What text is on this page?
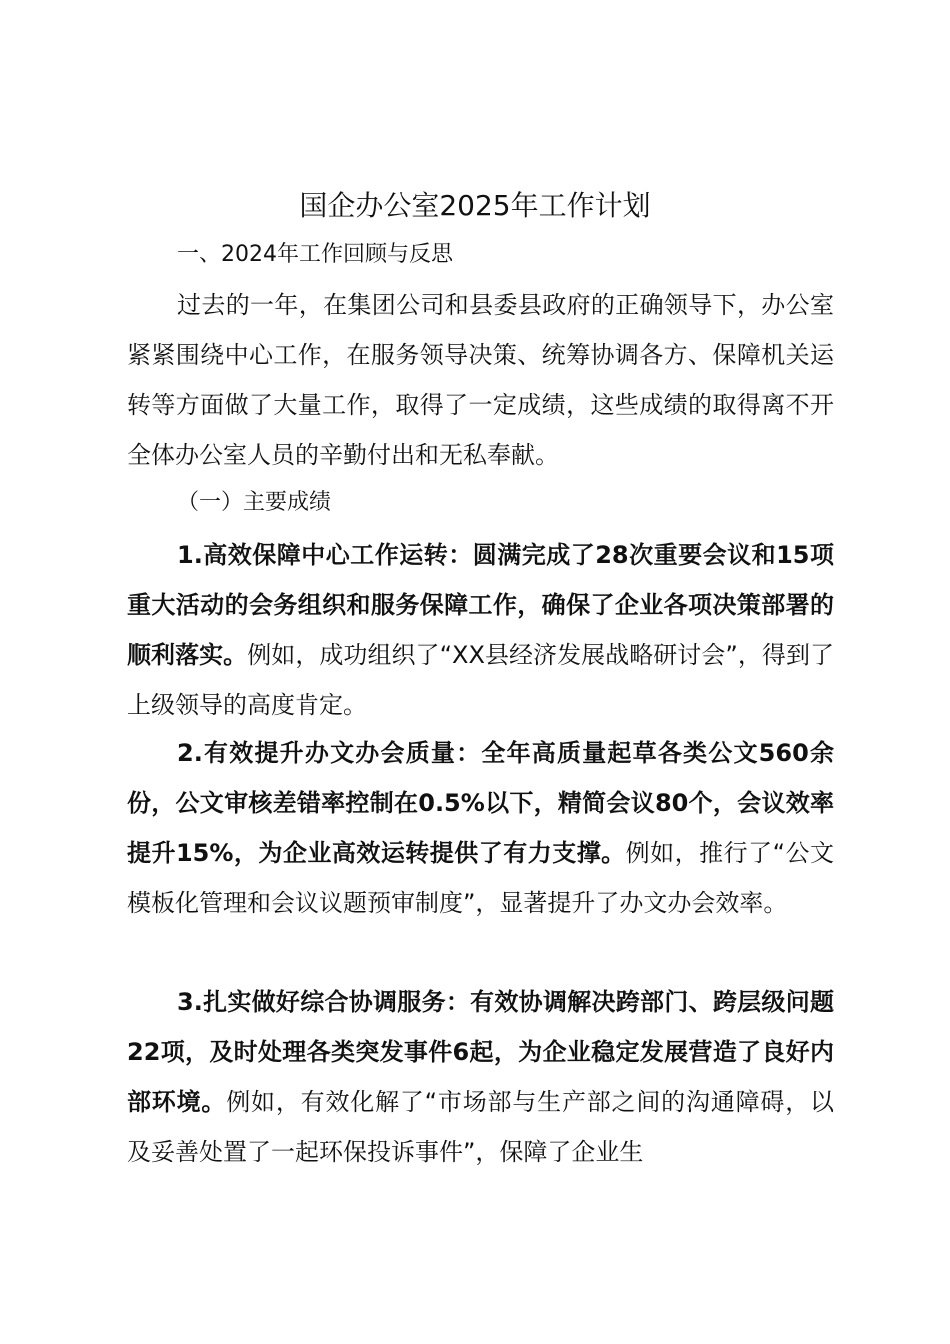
国企办公室2025年工作计划
一、2024年工作回顾与反思

过去的一年，在集团公司和县委县政府的正确领导下，办公室紧紧围绕中心工作，在服务领导决策、统筹协调各方、保障机关运转等方面做了大量工作，取得了一定成绩，这些成绩的取得离不开全体办公室人员的辛勤付出和无私奉献。

（一）主要成绩

1.高效保障中心工作运转：圆满完成了28次重要会议和15项重大活动的会务组织和服务保障工作，确保了企业各项决策部署的顺利落实。例如，成功组织了“XX县经济发展战略研讨会”，得到了上级领导的高度肯定。

2.有效提升办文办会质量：全年高质量起草各类公文560余份，公文审核差错率控制在0.5%以下，精简会议80个，会议效率提升15%，为企业高效运转提供了有力支撑。例如，推行了“公文模板化管理和会议议题预审制度”，显著提升了办文办会效率。

3.扎实做好综合协调服务：有效协调解决跨部门、跨层级问题22项，及时处理各类突发事件6起，为企业稳定发展营造了良好内部环境。例如，有效化解了“市场部与生产部之间的沟通障碍，以及妥善处置了一起环保投诉事件”，保障了企业生
